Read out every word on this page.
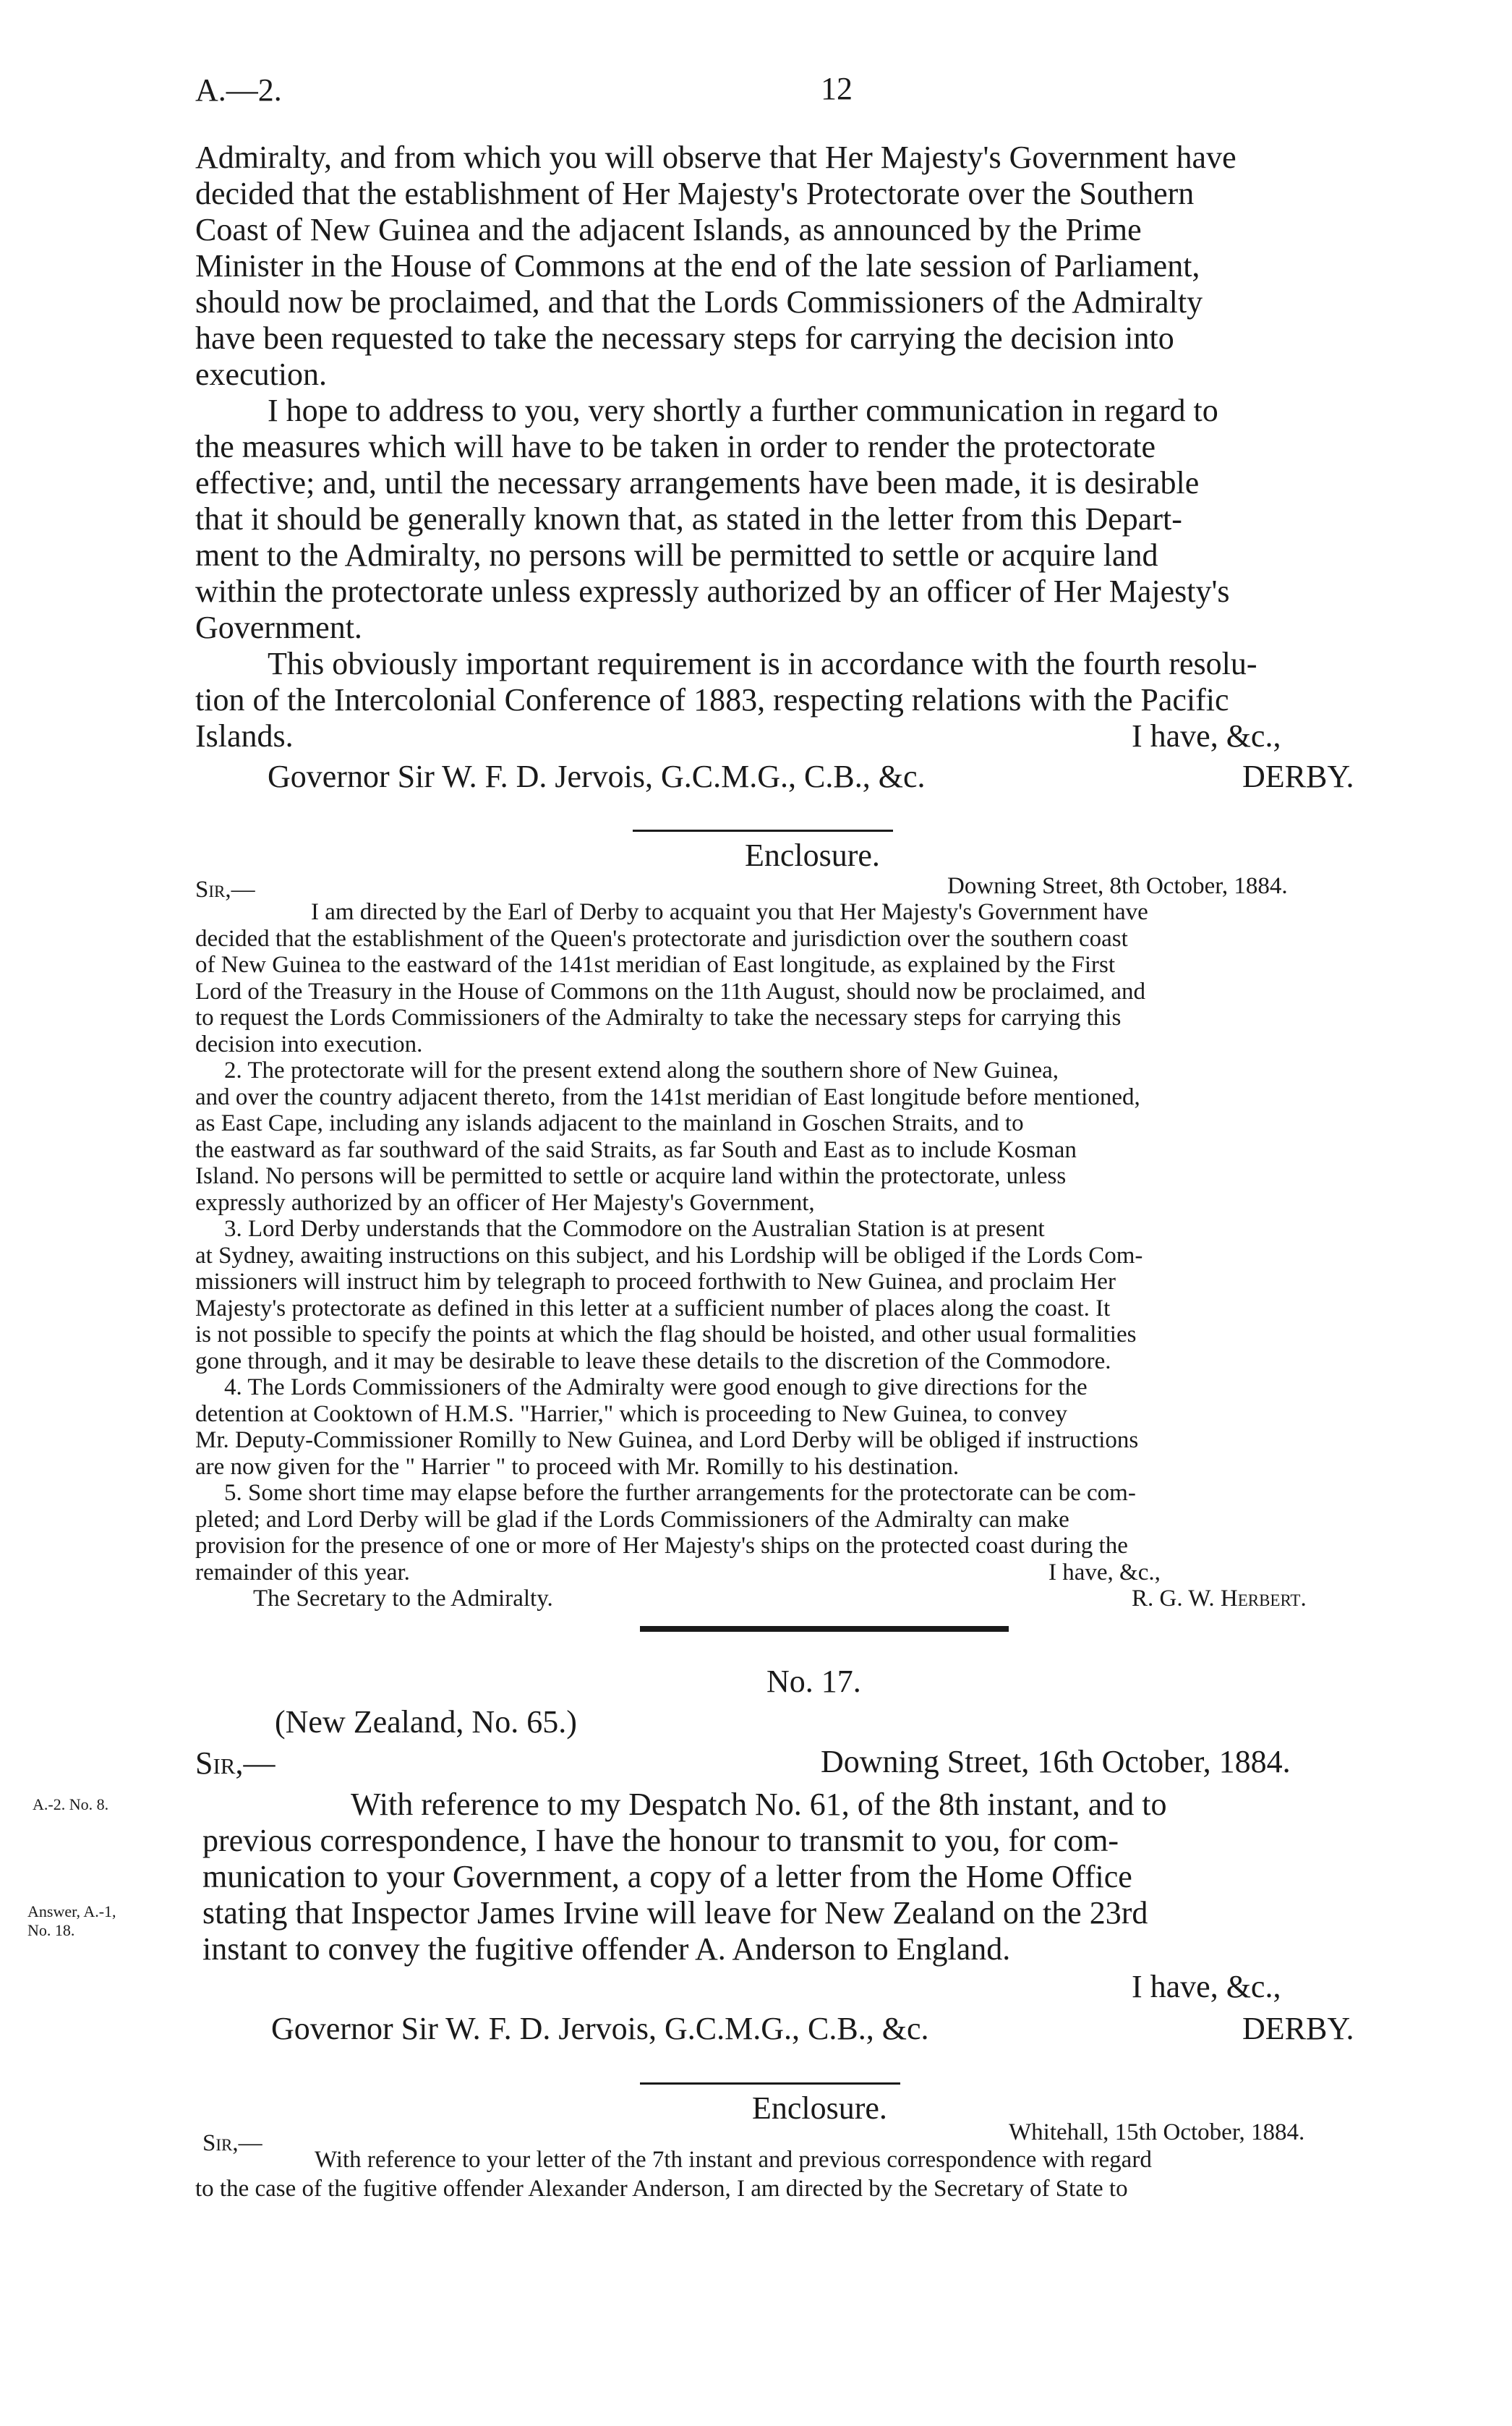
A.—2.	12
Admiralty, and from which you will observe that Her Majesty's Government have
decided that the establishment of Her Majesty's Protectorate over the Southern
Coast of New Guinea and the adjacent Islands, as announced by the Prime
Minister in the House of Commons at the end of the late session of Parliament,
should now be proclaimed, and that the Lords Commissioners of the Admiralty
have been requested to take the necessary steps for carrying the decision into
execution.
I hope to address to you, very shortly a further communication in regard to
the measures which will have to be taken in order to render the protectorate
effective; and, until the necessary arrangements have been made, it is desirable
that it should be generally known that, as stated in the letter from this Depart-
ment to the Admiralty, no persons will be permitted to settle or acquire land
within the protectorate unless expressly authorized by an officer of Her Majesty's
Government.
This obviously important requirement is in accordance with the fourth resolu-
tion of the Intercolonial Conference of 1883, respecting relations with the Pacific
Islands.	I have, &c.,
Governor Sir W. F. D. Jervois, G.C.M.G., C.B., &c.	DERBY.
Enclosure.
Sir,—	Downing Street, 8th October, 1884.
I am directed by the Earl of Derby to acquaint you that Her Majesty's Government have
decided that the establishment of the Queen's protectorate and jurisdiction over the southern coast
of New Guinea to the eastward of the 141st meridian of East longitude, as explained by the First
Lord of the Treasury in the House of Commons on the 11th August, should now be proclaimed, and
to request the Lords Commissioners of the Admiralty to take the necessary steps for carrying this
decision into execution.
2. The protectorate will for the present extend along the southern shore of New Guinea,
and over the country adjacent thereto, from the 141st meridian of East longitude before mentioned,
as East Cape, including any islands adjacent to the mainland in Goschen Straits, and to
the eastward as far southward of the said Straits, as far South and East as to include Kosman
Island. No persons will be permitted to settle or acquire land within the protectorate, unless
expressly authorized by an officer of Her Majesty's Government,
3. Lord Derby understands that the Commodore on the Australian Station is at present
at Sydney, awaiting instructions on this subject, and his Lordship will be obliged if the Lords Com-
missioners will instruct him by telegraph to proceed forthwith to New Guinea, and proclaim Her
Majesty's protectorate as defined in this letter at a sufficient number of places along the coast. It
is not possible to specify the points at which the flag should be hoisted, and other usual formalities
gone through, and it may be desirable to leave these details to the discretion of the Commodore.
4. The Lords Commissioners of the Admiralty were good enough to give directions for the
detention at Cooktown of H.M.S. "Harrier," which is proceeding to New Guinea, to convey
Mr. Deputy-Commissioner Romilly to New Guinea, and Lord Derby will be obliged if instructions
are now given for the " Harrier " to proceed with Mr. Romilly to his destination.
5. Some short time may elapse before the further arrangements for the protectorate can be com-
pleted; and Lord Derby will be glad if the Lords Commissioners of the Admiralty can make
provision for the presence of one or more of Her Majesty's ships on the protected coast during the
remainder of this year.	I have, &c.,
The Secretary to the Admiralty.	R. G. W. Herbert.
No. 17.
(New Zealand, No. 65.)
Sir,—	Downing Street, 16th October, 1884.
A.-2. No. 8.
Answer, A.-1,
No. 18.
With reference to my Despatch No. 61, of the 8th instant, and to
previous correspondence, I have the honour to transmit to you, for com-
munication to your Government, a copy of a letter from the Home Office
stating that Inspector James Irvine will leave for New Zealand on the 23rd
instant to convey the fugitive offender A. Anderson to England.
I have, &c.,
Governor Sir W. F. D. Jervois, G.C.M.G., C.B., &c.	DERBY.
Enclosure.
Sir,—	Whitehall, 15th October, 1884.
With reference to your letter of the 7th instant and previous correspondence with regard
to the case of the fugitive offender Alexander Anderson, I am directed by the Secretary of State to
